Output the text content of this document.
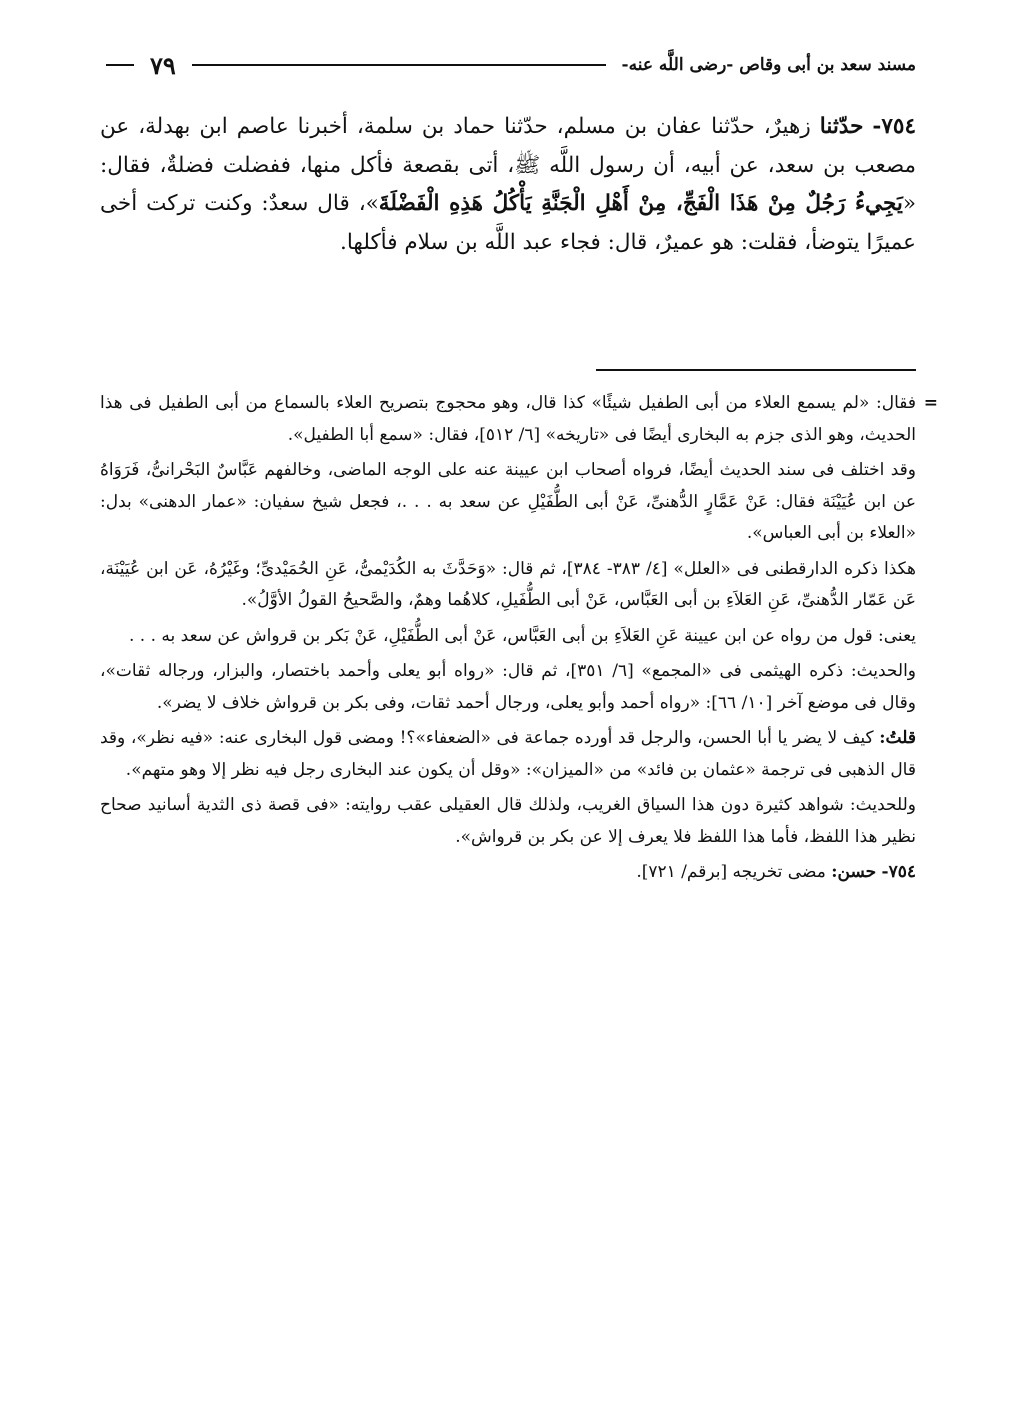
مسند سعد بن أبى وقاص -رضى اللَّه عنه-
٧٩
٧٥٤- حدّثنا زهيرٌ، حدّثنا عفان بن مسلم، حدّثنا حماد بن سلمة، أخبرنا عاصم ابن بهدلة، عن مصعب بن سعد، عن أبيه، أن رسول اللَّه ﷺ، أتى بقصعة فأكل منها، ففضلت فضلةٌ، فقال: «يَجِيءُ رَجُلٌ مِنْ هَذَا الْفَجِّ، مِنْ أَهْلِ الْجَنَّةِ يَأْكُلُ هَذِهِ الْفَضْلَةَ»، قال سعدٌ: وكنت تركت أخى عميرًا يتوضأ، فقلت: هو عميرٌ، قال: فجاء عبد اللَّه بن سلام فأكلها.

=
فقال: «لم يسمع العلاء من أبى الطفيل شيئًا» كذا قال، وهو محجوج بتصريح العلاء بالسماع من أبى الطفيل فى هذا الحديث، وهو الذى جزم به البخارى أيضًا فى «تاريخه» [٦/ ٥١٢]، فقال: «سمع أبا الطفيل».

وقد اختلف فى سند الحديث أيضًا، فرواه أصحاب ابن عيينة عنه على الوجه الماضى، وخالفهم عَبَّاسٌ البَحْرانىُّ، فَرَوَاهُ عن ابن عُيَيْنَة فقال: عَنْ عَمَّارٍ الدُّهنىِّ، عَنْ أبى الطُّفَيْلِ عن سعد به . . .، فجعل شيخ سفيان: «عمار الدهنى» بدل: «العلاء بن أبى العباس».

هكذا ذكره الدارقطنى فى «العلل» [٤/ ٣٨٣- ٣٨٤]، ثم قال: «وَحَدَّثَ به الكُدَيْمىُّ، عَنِ الحُمَيْدىِّ؛ وغَيْرُهُ، عَن ابن عُيَيْنَة، عَن عَمّار الدُّهنىِّ، عَنِ العَلاَءِ بن أبى العَبَّاس، عَنْ أبى الطُّفَيلِ، كلاهُما وهمٌ، والصَّحيحُ القولُ الأوَّلُ».

يعنى: قول من رواه عن ابن عيينة عَنِ العَلاَءِ بن أبى العَبَّاس، عَنْ أبى الطُّفَيْلِ، عَنْ بَكر بن قرواش عن سعد به . . .

والحديث: ذكره الهيثمى فى «المجمع» [٦/ ٣٥١]، ثم قال: «رواه أبو يعلى وأحمد باختصار، والبزار، ورجاله ثقات»، وقال فى موضع آخر [١٠/ ٦٦]: «رواه أحمد وأبو يعلى، ورجال أحمد ثقات، وفى بكر بن قرواش خلاف لا يضر».

قلتُ: كيف لا يضر يا أبا الحسن، والرجل قد أورده جماعة فى «الضعفاء»؟! ومضى قول البخارى عنه: «فيه نظر»، وقد قال الذهبى فى ترجمة «عثمان بن فائد» من «الميزان»: «وقل أن يكون عند البخارى رجل فيه نظر إلا وهو متهم».

وللحديث: شواهد كثيرة دون هذا السياق الغريب، ولذلك قال العقيلى عقب روايته: «فى قصة ذى الثدية أسانيد صحاح نظير هذا اللفظ، فأما هذا اللفظ فلا يعرف إلا عن بكر بن قرواش».

٧٥٤- حسن: مضى تخريجه [برقم/ ٧٢١].
